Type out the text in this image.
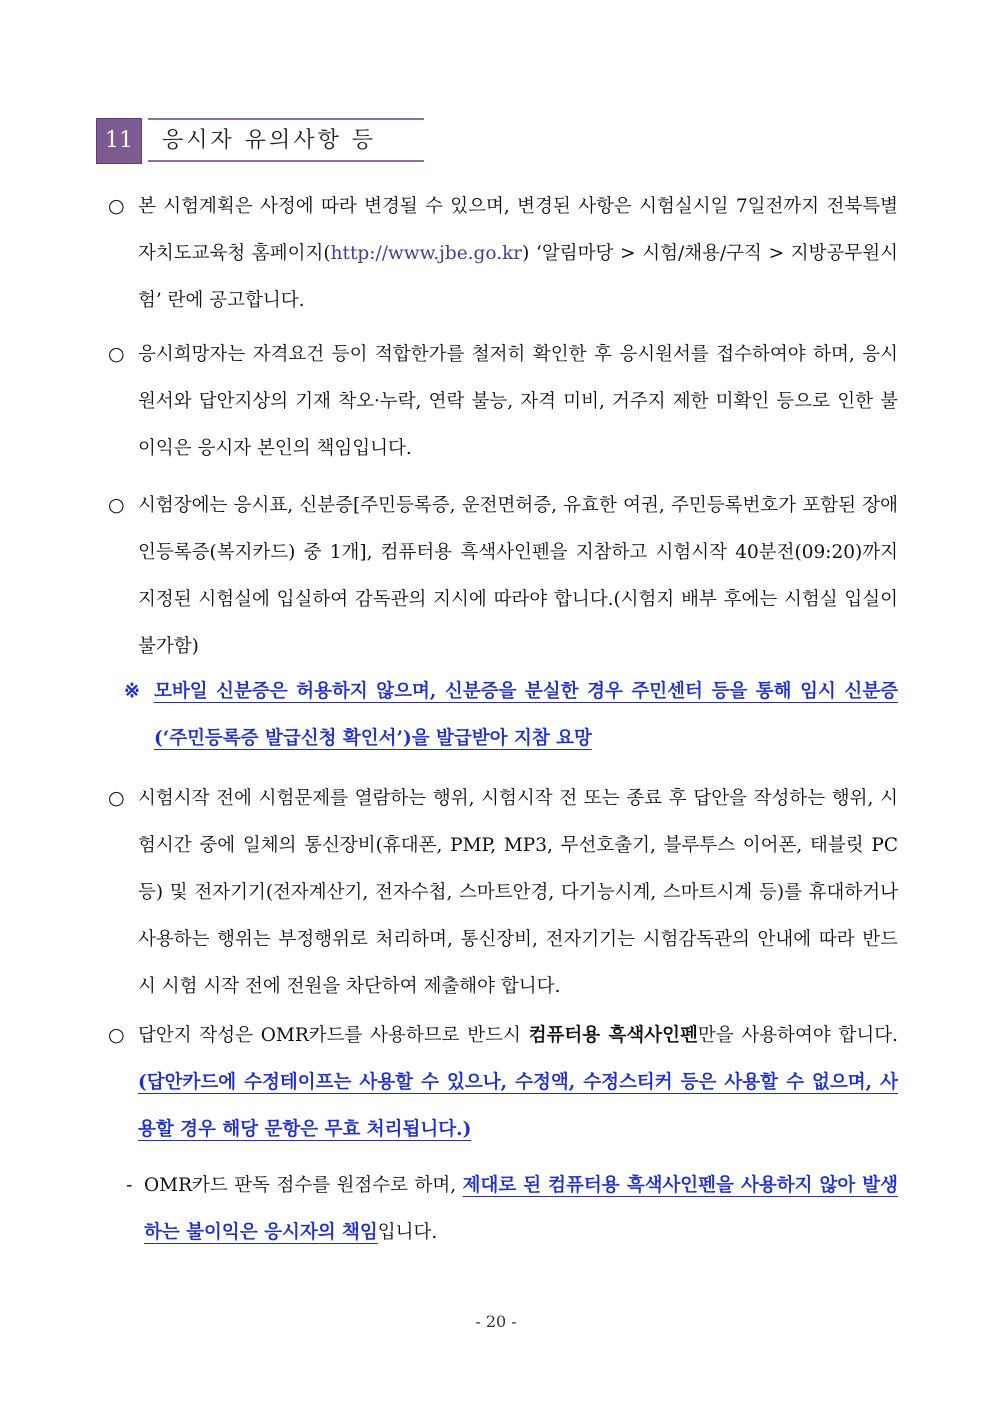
11	응시자 유의사항 등
○ 본 시험계획은 사정에 따라 변경될 수 있으며, 변경된 사항은 시험실시일 7일전까지 전북특별자치도교육청 홈페이지(http://www.jbe.go.kr) ‘알림마당 > 시험/채용/구직 > 지방공무원시험’ 란에 공고합니다.
○ 응시희망자는 자격요건 등이 적합한가를 철저히 확인한 후 응시원서를 접수하여야 하며, 응시원서와 답안지상의 기재 착오·누락, 연락 불능, 자격 미비, 거주지 제한 미확인 등으로 인한 불이익은 응시자 본인의 책임입니다.
○ 시험장에는 응시표, 신분증[주민등록증, 운전면허증, 유효한 여권, 주민등록번호가 포함된 장애인등록증(복지카드) 중 1개], 컴퓨터용 흑색사인펜을 지참하고 시험시작 40분전(09:20)까지 지정된 시험실에 입실하여 감독관의 지시에 따라야 합니다.(시험지 배부 후에는 시험실 입실이 불가함)
※ 모바일 신분증은 허용하지 않으며, 신분증을 분실한 경우 주민센터 등을 통해 임시 신분증(‘주민등록증 발급신청 확인서’)을 발급받아 지참 요망
○ 시험시작 전에 시험문제를 열람하는 행위, 시험시작 전 또는 종료 후 답안을 작성하는 행위, 시험시간 중에 일체의 통신장비(휴대폰, PMP, MP3, 무선호출기, 블루투스 이어폰, 태블릿 PC 등) 및 전자기기(전자계산기, 전자수첩, 스마트안경, 다기능시계, 스마트시계 등)를 휴대하거나 사용하는 행위는 부정행위로 처리하며, 통신장비, 전자기기는 시험감독관의 안내에 따라 반드시 시험 시작 전에 전원을 차단하여 제출해야 합니다.
○ 답안지 작성은 OMR카드를 사용하므로 반드시 컴퓨터용 흑색사인펜만을 사용하여야 합니다.(답안카드에 수정테이프는 사용할 수 있으나, 수정액, 수정스티커 등은 사용할 수 없으며, 사용할 경우 해당 문항은 무효 처리됩니다.)
- OMR카드 판독 점수를 원점수로 하며, 제대로 된 컴퓨터용 흑색사인펜을 사용하지 않아 발생하는 불이익은 응시자의 책임입니다.
- 20 -
